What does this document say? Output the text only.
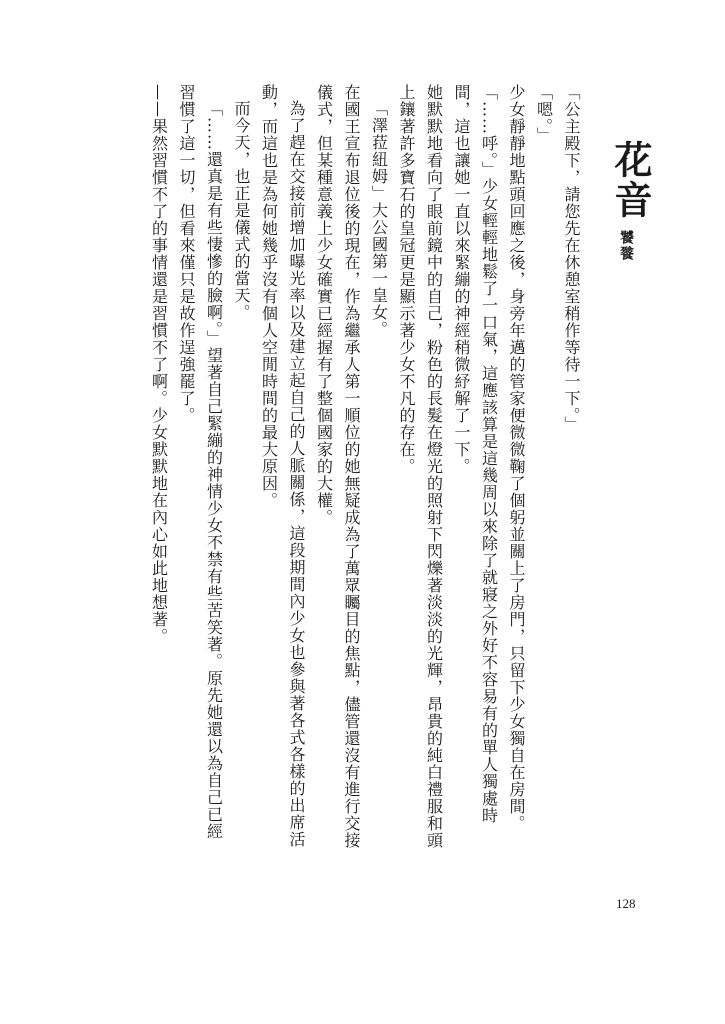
花音
饕餮

「公主殿下，請您先在休憩室稍作等待一下。」

「嗯。」

少女靜靜地點頭回應之後，身旁年邁的管家便微微鞠了個躬並關上了房門，只留下少女獨自在房間。

「……呼。」少女輕輕地鬆了一口氣，這應該算是這幾周以來除了就寢之外好不容易有的單人獨處時間，這也讓她一直以來緊繃的神經稍微紓解了一下。

她默默地看向了眼前鏡中的自己，粉色的長髮在燈光的照射下閃爍著淡淡的光輝，昂貴的純白禮服和頭上鑲著許多寶石的皇冠更是顯示著少女不凡的存在。

「澤菈紐姆」大公國第一皇女。

在國王宣布退位後的現在，作為繼承人第一順位的她無疑成為了萬眾矚目的焦點，儘管還沒有進行交接儀式，但某種意義上少女確實已經握有了整個國家的大權。

為了趕在交接前增加曝光率以及建立起自己的人脈關係，這段期間內少女也參與著各式各樣的出席活動，而這也是為何她幾乎沒有個人空閒時間的最大原因。

而今天，也正是儀式的當天。

「……還真是有些悽慘的臉啊。」望著自己緊繃的神情少女不禁有些苦笑著。原先她還以為自己已經習慣了這一切，但看來僅只是故作逞強罷了。

——果然習慣不了的事情還是習慣不了啊。少女默默地在內心如此地想著。

128
